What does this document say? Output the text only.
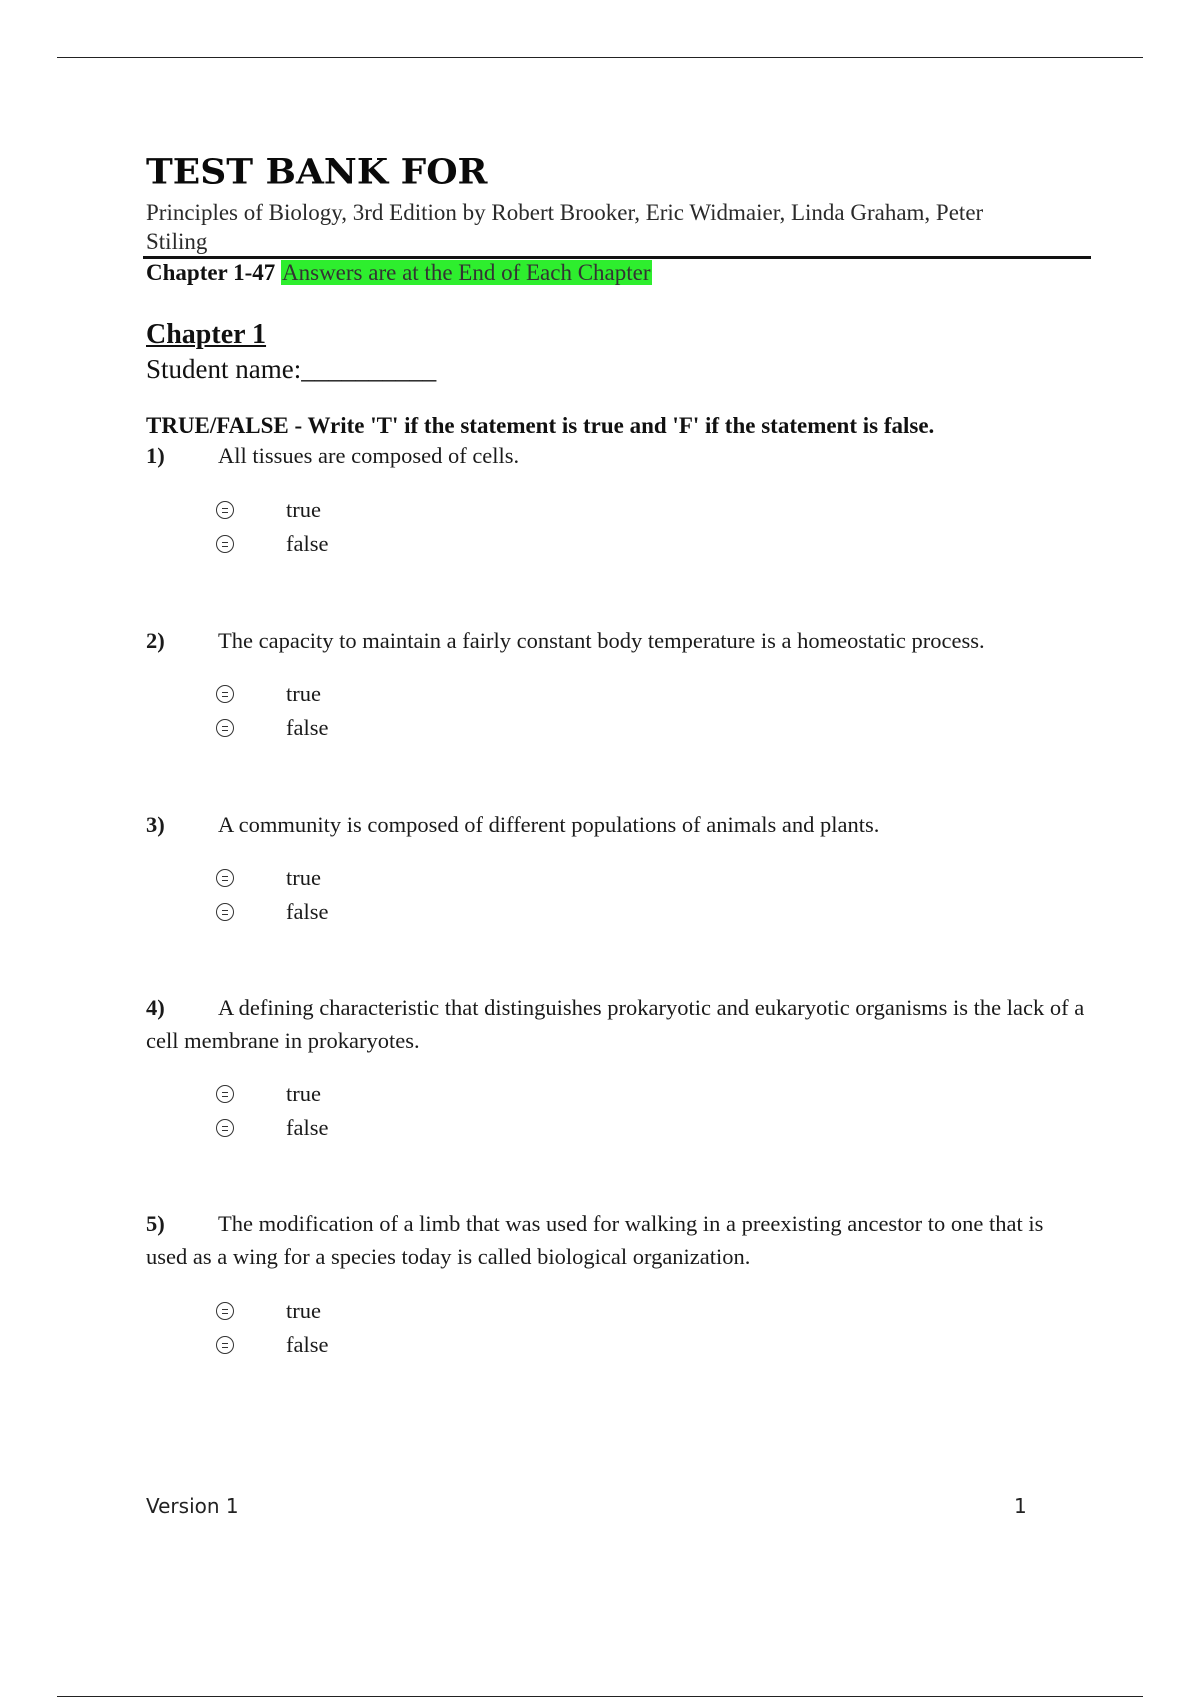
TEST BANK FOR
Principles of Biology, 3rd Edition by Robert Brooker, Eric Widmaier, Linda Graham, Peter Stiling
Chapter 1-47 Answers are at the End of Each Chapter
Chapter 1
Student name:__________
TRUE/FALSE - Write 'T' if the statement is true and 'F' if the statement is false.
1) All tissues are composed of cells.
true
false
2) The capacity to maintain a fairly constant body temperature is a homeostatic process.
true
false
3) A community is composed of different populations of animals and plants.
true
false
4) A defining characteristic that distinguishes prokaryotic and eukaryotic organisms is the lack of a cell membrane in prokaryotes.
true
false
5) The modification of a limb that was used for walking in a preexisting ancestor to one that is used as a wing for a species today is called biological organization.
true
false
Version 1	1
